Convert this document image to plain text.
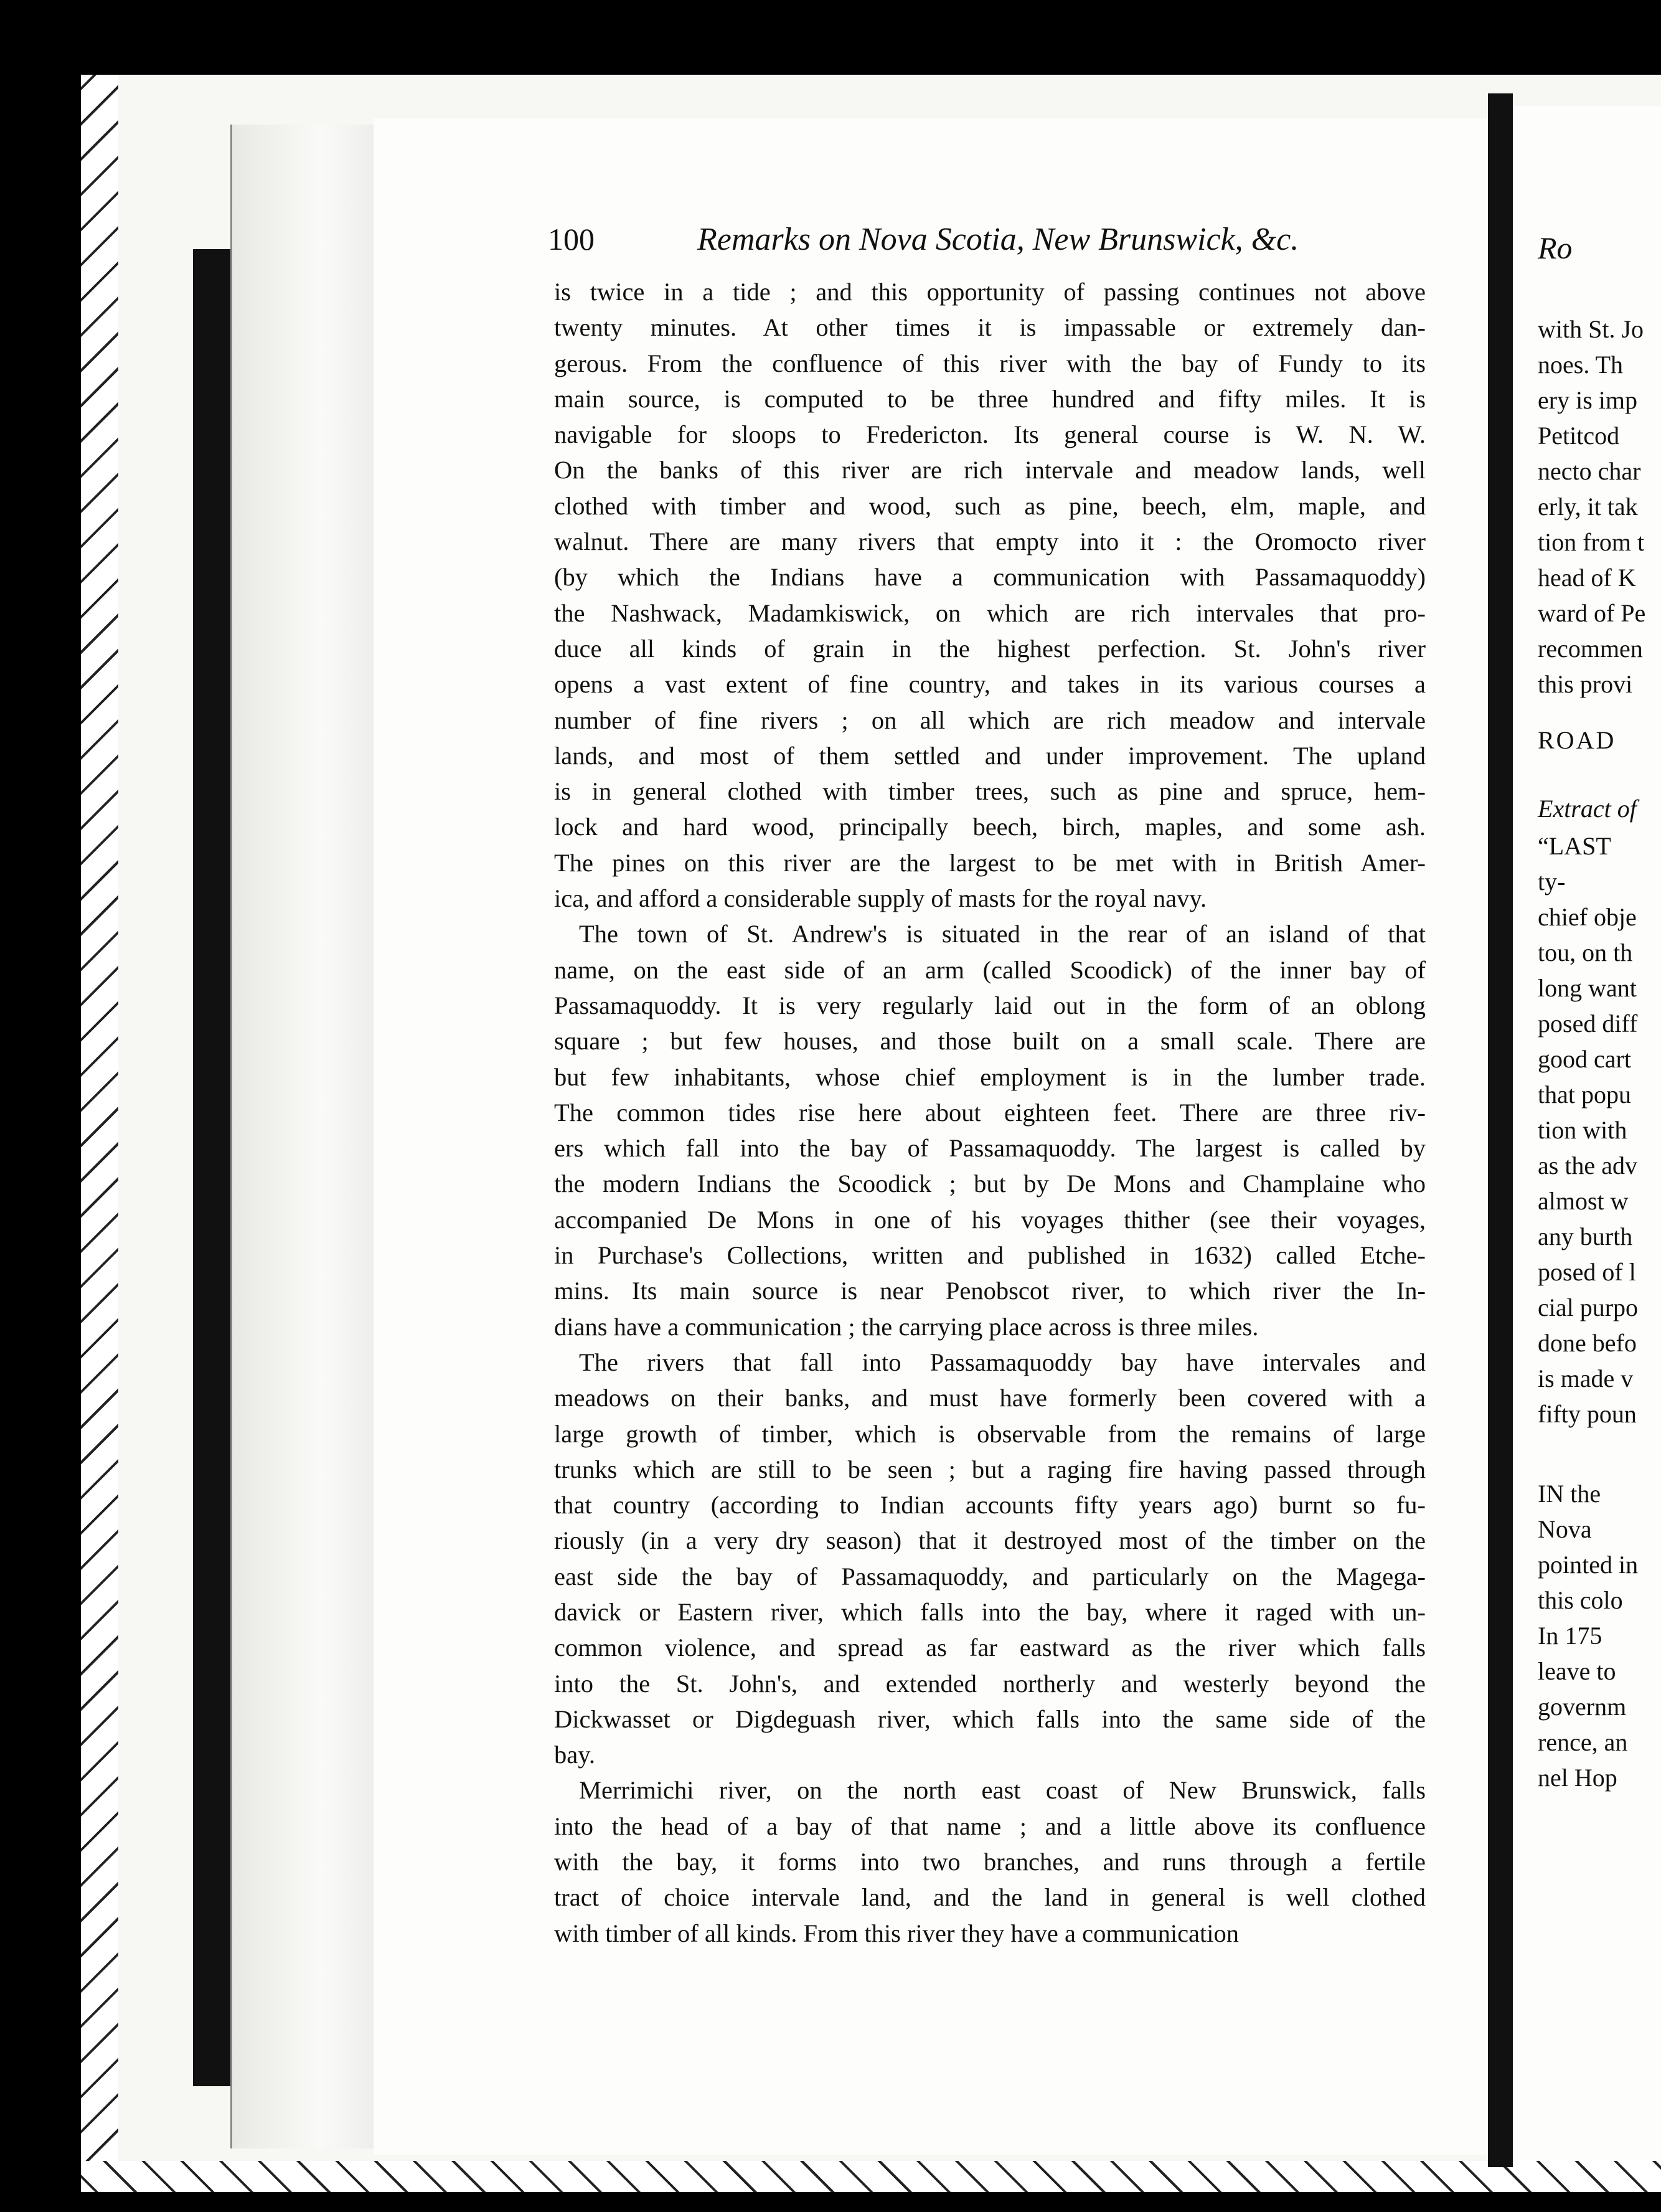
100	Remarks on Nova Scotia, New Brunswick, &c.
is twice in a tide ; and this opportunity of passing continues not above
twenty minutes. At other times it is impassable or extremely dan-
gerous. From the confluence of this river with the bay of Fundy to its
main source, is computed to be three hundred and fifty miles. It is
navigable for sloops to Fredericton. Its general course is W. N. W.
On the banks of this river are rich intervale and meadow lands, well
clothed with timber and wood, such as pine, beech, elm, maple, and
walnut. There are many rivers that empty into it : the Oromocto river
(by which the Indians have a communication with Passamaquoddy)
the Nashwack, Madamkiswick, on which are rich intervales that pro-
duce all kinds of grain in the highest perfection. St. John's river
opens a vast extent of fine country, and takes in its various courses a
number of fine rivers ; on all which are rich meadow and intervale
lands, and most of them settled and under improvement. The upland
is in general clothed with timber trees, such as pine and spruce, hem-
lock and hard wood, principally beech, birch, maples, and some ash.
The pines on this river are the largest to be met with in British Amer-
ica, and afford a considerable supply of masts for the royal navy.
The town of St. Andrew's is situated in the rear of an island of that
name, on the east side of an arm (called Scoodick) of the inner bay of
Passamaquoddy. It is very regularly laid out in the form of an oblong
square ; but few houses, and those built on a small scale. There are
but few inhabitants, whose chief employment is in the lumber trade.
The common tides rise here about eighteen feet. There are three riv-
ers which fall into the bay of Passamaquoddy. The largest is called by
the modern Indians the Scoodick ; but by De Mons and Champlaine who
accompanied De Mons in one of his voyages thither (see their voyages,
in Purchase's Collections, written and published in 1632) called Etche-
mins. Its main source is near Penobscot river, to which river the In-
dians have a communication ; the carrying place across is three miles.
The rivers that fall into Passamaquoddy bay have intervales and
meadows on their banks, and must have formerly been covered with a
large growth of timber, which is observable from the remains of large
trunks which are still to be seen ; but a raging fire having passed through
that country (according to Indian accounts fifty years ago) burnt so fu-
riously (in a very dry season) that it destroyed most of the timber on the
east side the bay of Passamaquoddy, and particularly on the Magega-
davick or Eastern river, which falls into the bay, where it raged with un-
common violence, and spread as far eastward as the river which falls
into the St. John's, and extended northerly and westerly beyond the
Dickwasset or Digdeguash river, which falls into the same side of the
bay.
Merrimichi river, on the north east coast of New Brunswick, falls
into the head of a bay of that name ; and a little above its confluence
with the bay, it forms into two branches, and runs through a fertile
tract of choice intervale land, and the land in general is well clothed
with timber of all kinds. From this river they have a communication
Ro
with St. Jo
noes. Th
ery is imp
Petitcod
necto char
erly, it tak
tion from t
head of K
ward of Pe
recommen
this provi
ROAD
Extract of
“LAST
ty-
chief obje
tou, on th
long want
posed diff
good cart
that popu
tion with
as the adv
almost w
any burth
posed of l
cial purpo
done befo
is made v
fifty poun
IN the
Nova
pointed in
this colo
In 175
leave to
governm
rence, an
nel Hop
